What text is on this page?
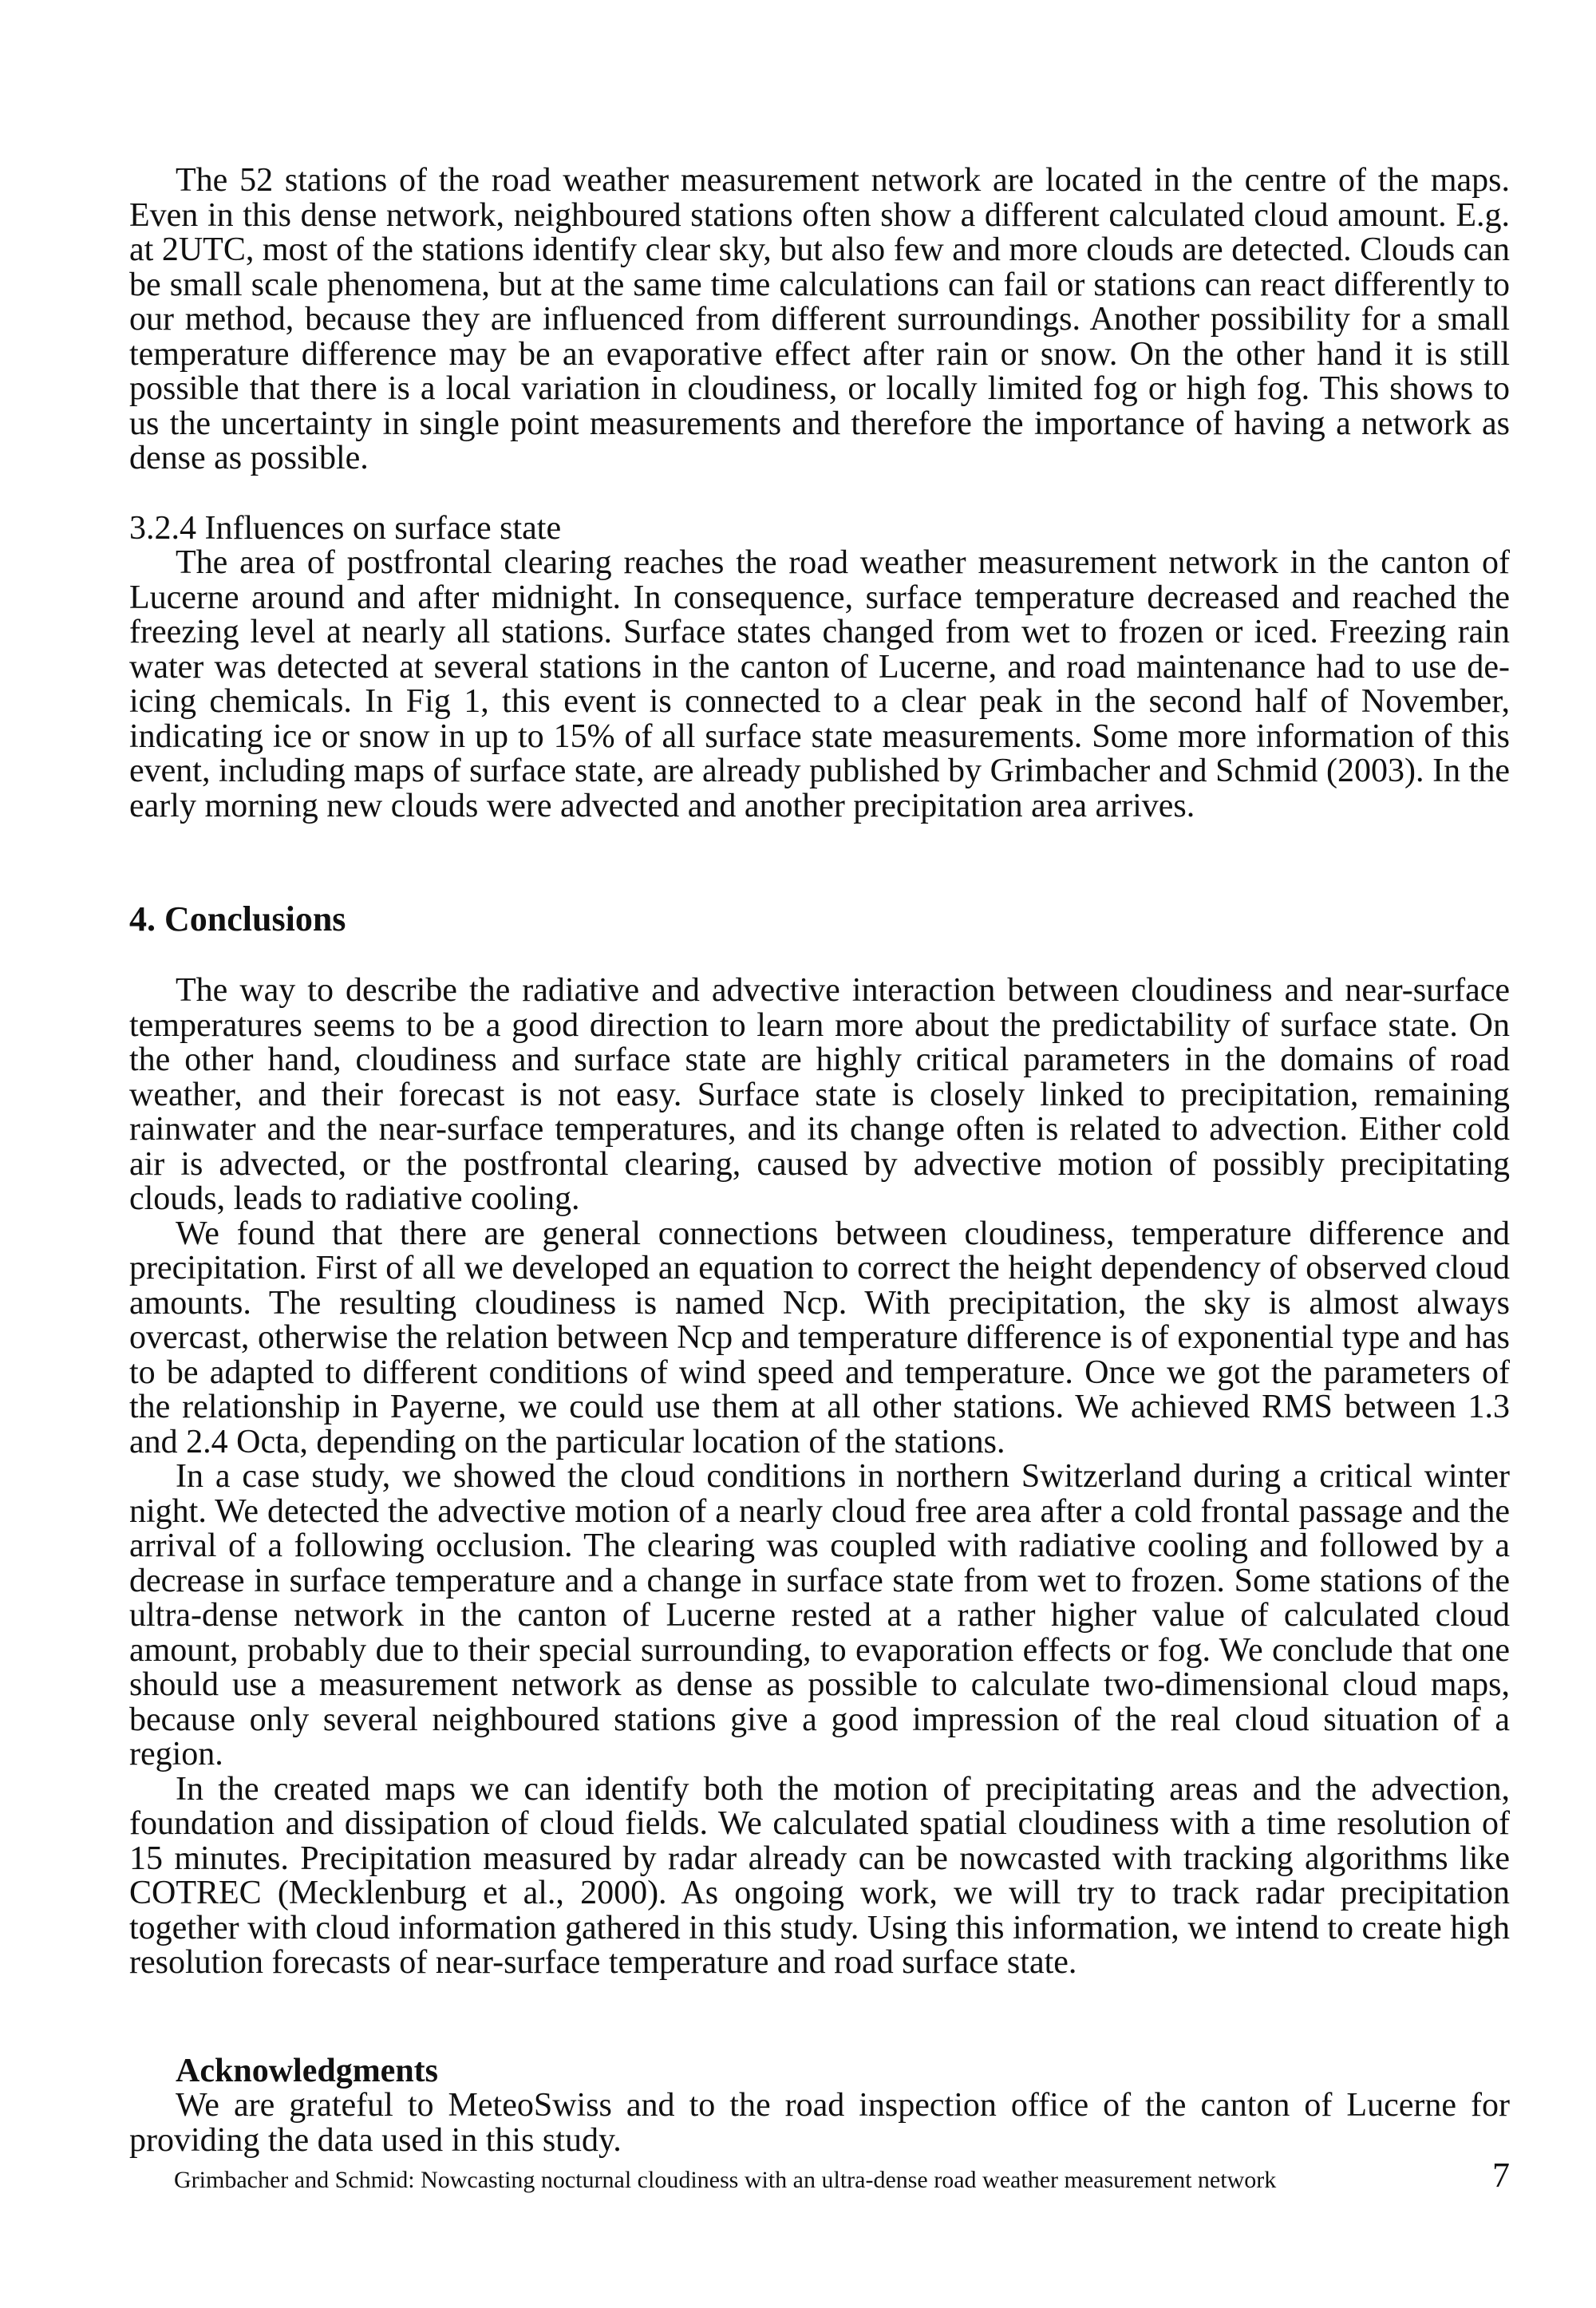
The 52 stations of the road weather measurement network are located in the centre of the maps. Even in this dense network, neighboured stations often show a different calculated cloud amount. E.g. at 2UTC, most of the stations identify clear sky, but also few and more clouds are detected. Clouds can be small scale phenomena, but at the same time calculations can fail or stations can react differently to our method, because they are influenced from different surroundings. Another possibility for a small temperature difference may be an evaporative effect after rain or snow. On the other hand it is still possible that there is a local variation in cloudiness, or locally limited fog or high fog. This shows to us the uncertainty in single point measurements and therefore the importance of having a network as dense as possible.

3.2.4 Influences on surface state

The area of postfrontal clearing reaches the road weather measurement network in the canton of Lucerne around and after midnight. In consequence, surface temperature decreased and reached the freezing level at nearly all stations. Surface states changed from wet to frozen or iced. Freezing rain water was detected at several stations in the canton of Lucerne, and road maintenance had to use de-icing chemicals. In Fig 1, this event is connected to a clear peak in the second half of November, indicating ice or snow in up to 15% of all surface state measurements. Some more information of this event, including maps of surface state, are already published by Grimbacher and Schmid (2003). In the early morning new clouds were advected and another precipitation area arrives.

4. Conclusions

The way to describe the radiative and advective interaction between cloudiness and near-surface temperatures seems to be a good direction to learn more about the predictability of surface state. On the other hand, cloudiness and surface state are highly critical parameters in the domains of road weather, and their forecast is not easy. Surface state is closely linked to precipitation, remaining rainwater and the near-surface temperatures, and its change often is related to advection. Either cold air is advected, or the postfrontal clearing, caused by advective motion of possibly precipitating clouds, leads to radiative cooling.

We found that there are general connections between cloudiness, temperature difference and precipitation. First of all we developed an equation to correct the height dependency of observed cloud amounts. The resulting cloudiness is named Ncp. With precipitation, the sky is almost always overcast, otherwise the relation between Ncp and temperature difference is of exponential type and has to be adapted to different conditions of wind speed and temperature. Once we got the parameters of the relationship in Payerne, we could use them at all other stations. We achieved RMS between 1.3 and 2.4 Octa, depending on the particular location of the stations.

In a case study, we showed the cloud conditions in northern Switzerland during a critical winter night. We detected the advective motion of a nearly cloud free area after a cold frontal passage and the arrival of a following occlusion. The clearing was coupled with radiative cooling and followed by a decrease in surface temperature and a change in surface state from wet to frozen. Some stations of the ultra-dense network in the canton of Lucerne rested at a rather higher value of calculated cloud amount, probably due to their special surrounding, to evaporation effects or fog. We conclude that one should use a measurement network as dense as possible to calculate two-dimensional cloud maps, because only several neighboured stations give a good impression of the real cloud situation of a region.

In the created maps we can identify both the motion of precipitating areas and the advection, foundation and dissipation of cloud fields. We calculated spatial cloudiness with a time resolution of 15 minutes. Precipitation measured by radar already can be nowcasted with tracking algorithms like COTREC (Mecklenburg et al., 2000). As ongoing work, we will try to track radar precipitation together with cloud information gathered in this study. Using this information, we intend to create high resolution forecasts of near-surface temperature and road surface state.

Acknowledgments

We are grateful to MeteoSwiss and to the road inspection office of the canton of Lucerne for providing the data used in this study.

Grimbacher and Schmid: Nowcasting nocturnal cloudiness with an ultra-dense road weather measurement network	7
